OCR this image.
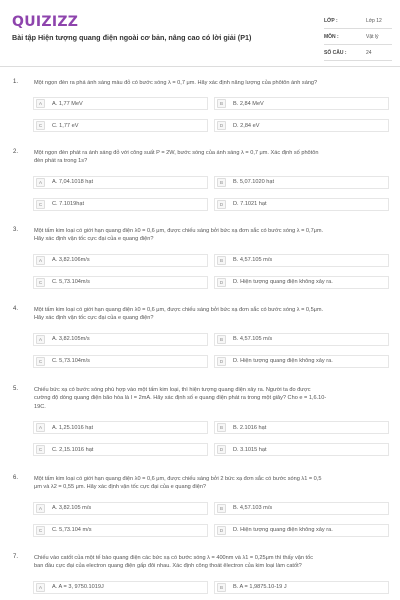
QUIZIZZ
Bài tập Hiện tượng quang điện ngoài cơ bản, nâng cao có lời giải (P1)
LỚP :	Lớp 12
MÔN :	Vật lý
SỐ CÂU :	24
1.	Một ngọn đèn ra phá ánh sáng màu đỏ có bước sóng λ = 0,7 μm. Hãy xác định năng lượng của phôtôn ánh sáng?
A	A. 1,77 MeV	B	B. 2,84 MeV
C	C. 1,77 eV	D	D. 2,84 eV
2.	Một ngọn đèn phát ra ánh sáng đỏ với công suất P = 2W, bước sóng của ánh sáng λ = 0,7 μm. Xác định số phôtôn
đèn phát ra trong 1s?
A	A. 7,04.1018 hạt	B	B. 5,07.1020 hạt
C	C. 7.1019hạt	D	D. 7.1021 hạt
3.	Một tấm kim loại có giới hạn quang điện λ0 = 0,6 μm, được chiếu sáng bởi bức xạ đơn sắc có bước sóng λ = 0,7μm.
Hãy xác định vận tốc cực đại của e quang điện?
A	A. 3,82.106m/s	B	B. 4,57.105 m/s
C	C. 5,73.104m/s	D	D. Hiện tượng quang điện không xảy ra.
4.	Một tấm kim loại có giới hạn quang điện λ0 = 0,6 μm, được chiếu sáng bởi bức xạ đơn sắc có bước sóng λ = 0,5μm.
Hãy xác định vận tốc cực đại của e quang điện?
A	A. 3,82.105m/s	B	B. 4,57.105 m/s
C	C. 5,73.104m/s	D	D. Hiện tượng quang điện không xảy ra.
5.	Chiếu bức xạ có bước sóng phù hợp vào một tấm kim loại, thì hiện tượng quang điện xảy ra. Người ta đo được
cường độ dòng quang điện bão hòa là I = 2mA. Hãy xác định số e quang điện phát ra trong một giây? Cho e = 1,6.10-
19C.
A	A. 1,25.1016 hạt	B	B. 2.1016 hạt
C	C. 2,15.1016 hạt	D	D. 3.1015 hạt
6.	Một tấm kim loại có giới hạn quang điện λ0 = 0,6 μm, được chiếu sáng bởi 2 bức xạ đơn sắc có bước sóng λ1 = 0,5
μm và λ2 = 0,55 μm. Hãy xác định vận tốc cực đại của e quang điện?
A	A. 3,82.105 m/s	B	B. 4,57.103 m/s
C	C. 5,73.104 m/s	D	D. Hiện tượng quang điện không xảy ra.
7.	Chiếu vào catốt của một tế bào quang điện các bức xạ có bước sóng λ = 400nm và λ1 = 0,25μm thì thấy vận tốc
ban đầu cực đại của electron quang điện gấp đôi nhau. Xác định công thoát êlectron của kim loại làm catốt?
A	A. A = 3, 9750.1019J	B	B. A = 1,9875.10-19 J
